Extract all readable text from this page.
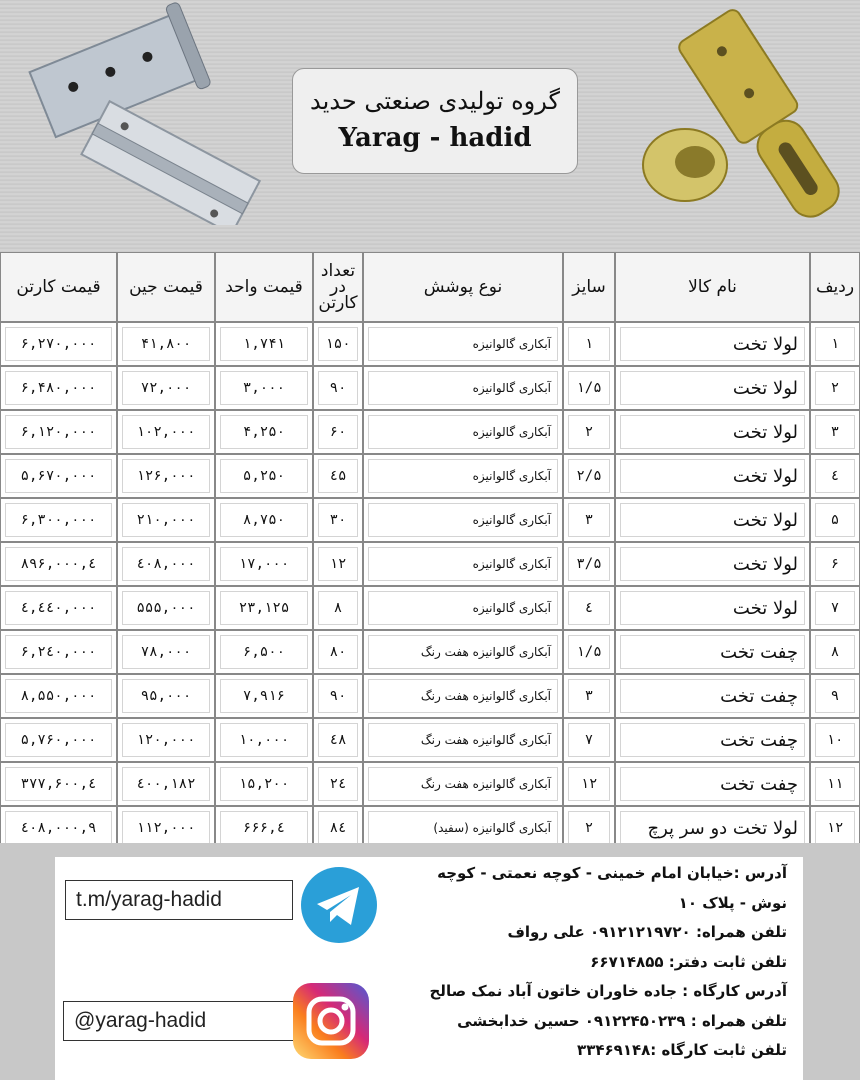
گروه تولیدی صنعتی حدید
Yarag - hadid
ردیف	نام کالا	سایز	نوع پوشش	تعداد در کارتن	قیمت واحد	قیمت جین	قیمت کارتن

۱	لولا تخت	۱	آبکاری گالوانیزه	۱۵۰	۱,۷۴۱	۴۱,۸۰۰	۶,۲۷۰,۰۰۰

۲	لولا تخت	۱/۵	آبکاری گالوانیزه	۹۰	۳,۰۰۰	۷۲,۰۰۰	۶,۴۸۰,۰۰۰

۳	لولا تخت	۲	آبکاری گالوانیزه	۶۰	۴,۲۵۰	۱۰۲,۰۰۰	۶,۱۲۰,۰۰۰

٤	لولا تخت	۲/۵	آبکاری گالوانیزه	٤۵	۵,۲۵۰	۱۲۶,۰۰۰	۵,۶۷۰,۰۰۰

۵	لولا تخت	۳	آبکاری گالوانیزه	۳۰	۸,۷۵۰	۲۱۰,۰۰۰	۶,۳۰۰,۰۰۰

۶	لولا تخت	۳/۵	آبکاری گالوانیزه	۱۲	۱۷,۰۰۰	٤۰۸,۰۰۰	٤,۸۹۶,۰۰۰

۷	لولا تخت	٤	آبکاری گالوانیزه	۸	۲۳,۱۲۵	۵۵۵,۰۰۰	٤,٤٤۰,۰۰۰

۸	چفت تخت	۱/۵	آبکاری گالوانیزه هفت رنگ	۸۰	۶,۵۰۰	۷۸,۰۰۰	۶,۲٤۰,۰۰۰

۹	چفت تخت	۳	آبکاری گالوانیزه هفت رنگ	۹۰	۷,۹۱۶	۹۵,۰۰۰	۸,۵۵۰,۰۰۰

۱۰	چفت تخت	۷	آبکاری گالوانیزه هفت رنگ	٤۸	۱۰,۰۰۰	۱۲۰,۰۰۰	۵,۷۶۰,۰۰۰

۱۱	چفت تخت	۱۲	آبکاری گالوانیزه هفت رنگ	۲٤	۱۵,۲۰۰	۱۸۲,٤۰۰	٤,۳۷۷,۶۰۰

۱۲	لولا تخت دو سر پرچ	۲	آبکاری گالوانیزه (سفید)	۸٤	٤,۶۶۶	۱۱۲,۰۰۰	۹,٤۰۸,۰۰۰
آدرس :خیابان امام خمینی - کوچه نعمتی - کوچه
نوش - پلاک ۱۰
تلفن همراه: ۰۹۱۲۱۲۱۹۷۲۰ علی رواف
تلفن ثابت دفتر: ۶۶۷۱۴۸۵۵
آدرس کارگاه : جاده خاوران خاتون آباد نمک صالح
تلفن همراه : ۰۹۱۲۲۴۵۰۲۳۹ حسین خدابخشی
تلفن ثابت کارگاه :۳۳۴۶۹۱۴۸
t.m/yarag-hadid
@yarag-hadid
